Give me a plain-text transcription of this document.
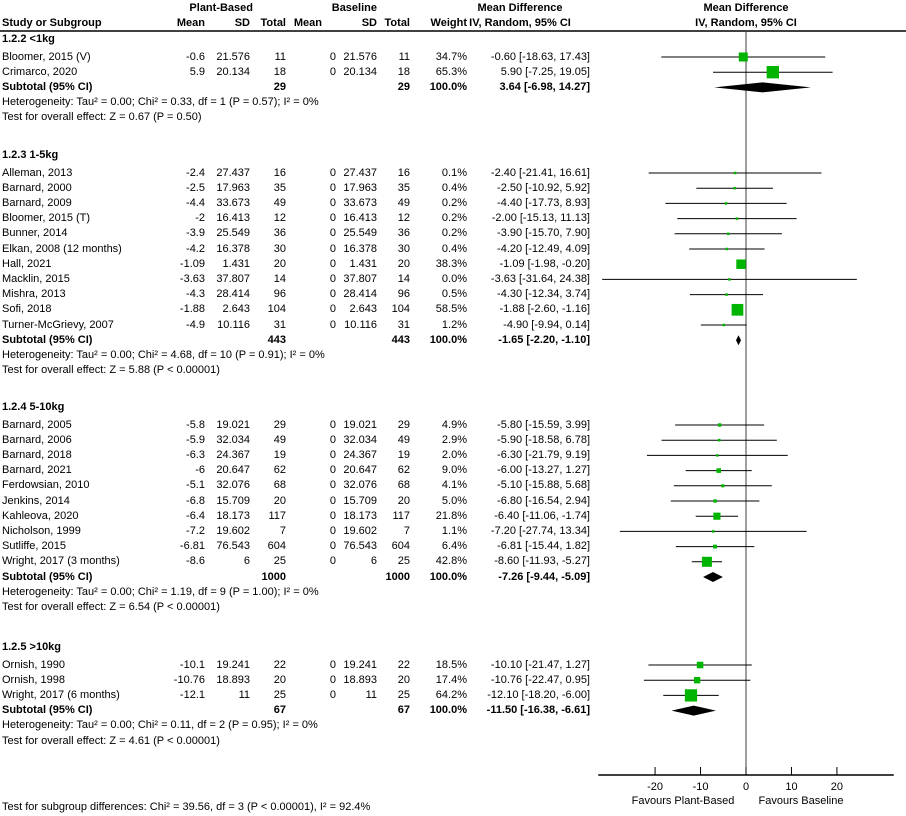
Study or Subgroup
Plant-Based	Baseline
Mean	SD Total Mean	SD Total Weight
Mean Difference
IV, Random, 95% CI
Mean Difference
IV, Random, 95% CI
1.2.2 <1kg
Bloomer, 2015 (V)	-0.6 21.576 11	0 21.576 11 34.7% -0.60 [-18.63, 17.43]
Crimarco, 2020	5.9 20.134 18	0 20.134 18 65.3%	5.90 [-7.25, 19.05]
Subtotal (95% CI)	29	29 100.0%	3.64 [-6.98, 14.27]
Heterogeneity: Tau² = 0.00; Chi² = 0.33, df = 1 (P = 0.57); I² = 0%
Test for overall effect: Z = 0.67 (P = 0.50)
1.2.3 1-5kg
Alleman, 2013	-2.4 27.437 16	0 27.437 16	0.1% -2.40 [-21.41, 16.61]
Barnard, 2000	-2.5 17.963 35	0 17.963 35	0.4%	-2.50 [-10.92, 5.92]
Barnard, 2009	-4.4 33.673 49	0 33.673 49	0.2%	-4.40 [-17.73, 8.93]
Bloomer, 2015 (T)	-2 16.413 12	0 16.413 12	0.2% -2.00 [-15.13, 11.13]
Bunner, 2014	-3.9 25.549 36	0 25.549 36	0.2%	-3.90 [-15.70, 7.90]
Elkan, 2008 (12 months)	-4.2 16.378 30	0 16.378 30	0.4%	-4.20 [-12.49, 4.09]
Hall, 2021	-1.09 1.431 20	0 1.431 20 38.3%	-1.09 [-1.98, -0.20]
Macklin, 2015	-3.63 37.807 14	0 37.807 14	0.0% -3.63 [-31.64, 24.38]
Mishra, 2013	-4.3 28.414 96	0 28.414 96	0.5%	-4.30 [-12.34, 3.74]
Sofi, 2018	-1.88 2.643 104	0 2.643 104 58.5%	-1.88 [-2.60, -1.16]
Turner-McGrievy, 2007	-4.9 10.116 31	0 10.116 31	1.2%	-4.90 [-9.94, 0.14]
Subtotal (95% CI)	443	443 100.0%	-1.65 [-2.20, -1.10]
Heterogeneity: Tau² = 0.00; Chi² = 4.68, df = 10 (P = 0.91); I² = 0%
Test for overall effect: Z = 5.88 (P < 0.00001)
1.2.4 5-10kg
Barnard, 2005	-5.8 19.021 29	0 19.021 29	4.9%	-5.80 [-15.59, 3.99]
Barnard, 2006	-5.9 32.034 49	0 32.034 49	2.9%	-5.90 [-18.58, 6.78]
Barnard, 2018	-6.3 24.367 19	0 24.367 19	2.0%	-6.30 [-21.79, 9.19]
Barnard, 2021	-6 20.647 62	0 20.647 62	9.0%	-6.00 [-13.27, 1.27]
Ferdowsian, 2010	-5.1 32.076 68	0 32.076 68	4.1%	-5.10 [-15.88, 5.68]
Jenkins, 2014	-6.8 15.709 20	0 15.709 20	5.0%	-6.80 [-16.54, 2.94]
Kahleova, 2020	-6.4 18.173 117	0 18.173 117 21.8% -6.40 [-11.06, -1.74]
Nicholson, 1999	-7.2 19.602	7	0 19.602 7	1.1% -7.20 [-27.74, 13.34]
Sutliffe, 2015	-6.81 76.543 604	0 76.543 604	6.4%	-6.81 [-15.44, 1.82]
Wright, 2017 (3 months)	-8.6	6 25	0	6 25 42.8% -8.60 [-11.93, -5.27]
Subtotal (95% CI)	1000	1000 100.0%	-7.26 [-9.44, -5.09]
Heterogeneity: Tau² = 0.00; Chi² = 1.19, df = 9 (P = 1.00); I² = 0%
Test for overall effect: Z = 6.54 (P < 0.00001)
1.2.5 >10kg
Ornish, 1990	-10.1 19.241 22	0 19.241 22 18.5% -10.10 [-21.47, 1.27]
Ornish, 1998	-10.76 18.893 20	0 18.893 20 17.4% -10.76 [-22.47, 0.95]
Wright, 2017 (6 months)	-12.1	11 25	0	11 25 64.2% -12.10 [-18.20, -6.00]
Subtotal (95% CI)	67	67 100.0% -11.50 [-16.38, -6.61]
Heterogeneity: Tau² = 0.00; Chi² = 0.11, df = 2 (P = 0.95); I² = 0%
Test for overall effect: Z = 4.61 (P < 0.00001)
-20	-10	0	10	20
Favours Plant-Based Favours Baseline
Test for subgroup differences: Chi² = 39.56, df = 3 (P < 0.00001), I² = 92.4%
